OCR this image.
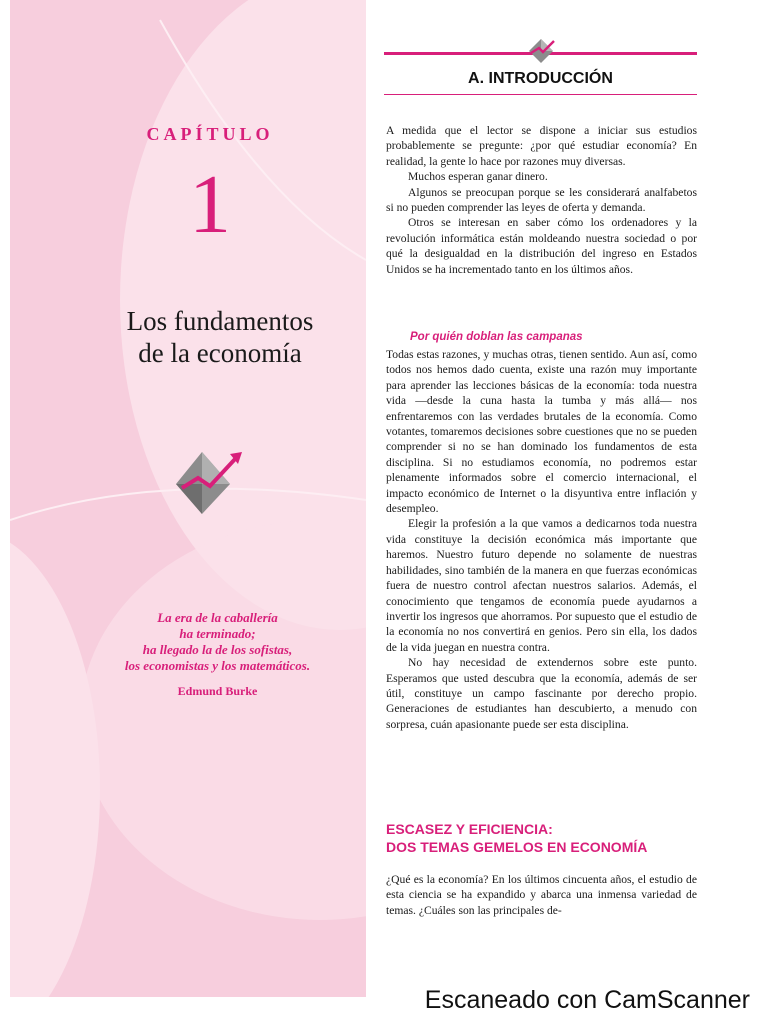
CAPÍTULO
1
Los fundamentos
de la economía
La era de la caballería
ha terminado;
ha llegado la de los sofistas,
los economistas y los matemáticos.
Edmund Burke
A. INTRODUCCIÓN

A medida que el lector se dispone a iniciar sus estudios probablemente se pregunte: ¿por qué estudiar economía? En realidad, la gente lo hace por razones muy diversas.

Muchos esperan ganar dinero.

Algunos se preocupan porque se les considerará analfabetos si no pueden comprender las leyes de oferta y demanda.

Otros se interesan en saber cómo los ordenadores y la revolución informática están moldeando nuestra sociedad o por qué la desigualdad en la distribución del ingreso en Estados Unidos se ha incrementado tanto en los últimos años.

Por quién doblan las campanas

Todas estas razones, y muchas otras, tienen sentido. Aun así, como todos nos hemos dado cuenta, existe una razón muy importante para aprender las lecciones básicas de la economía: toda nuestra vida —desde la cuna hasta la tumba y más allá— nos enfrentaremos con las verdades brutales de la economía. Como votantes, tomaremos decisiones sobre cuestiones que no se pueden comprender si no se han dominado los fundamentos de esta disciplina. Si no estudiamos economía, no podremos estar plenamente informados sobre el comercio internacional, el impacto económico de Internet o la disyuntiva entre inflación y desempleo.

Elegir la profesión a la que vamos a dedicarnos toda nuestra vida constituye la decisión económica más importante que haremos. Nuestro futuro depende no solamente de nuestras habilidades, sino también de la manera en que fuerzas económicas fuera de nuestro control afectan nuestros salarios. Además, el conocimiento que tengamos de economía puede ayudarnos a invertir los ingresos que ahorramos. Por supuesto que el estudio de la economía no nos convertirá en genios. Pero sin ella, los dados de la vida juegan en nuestra contra.

No hay necesidad de extendernos sobre este punto. Esperamos que usted descubra que la economía, además de ser útil, constituye un campo fascinante por derecho propio. Generaciones de estudiantes han descubierto, a menudo con sorpresa, cuán apasionante puede ser esta disciplina.

ESCASEZ Y EFICIENCIA:
DOS TEMAS GEMELOS EN ECONOMÍA

¿Qué es la economía? En los últimos cincuenta años, el estudio de esta ciencia se ha expandido y abarca una inmensa variedad de temas. ¿Cuáles son las principales de-

Escaneado con CamScanner
